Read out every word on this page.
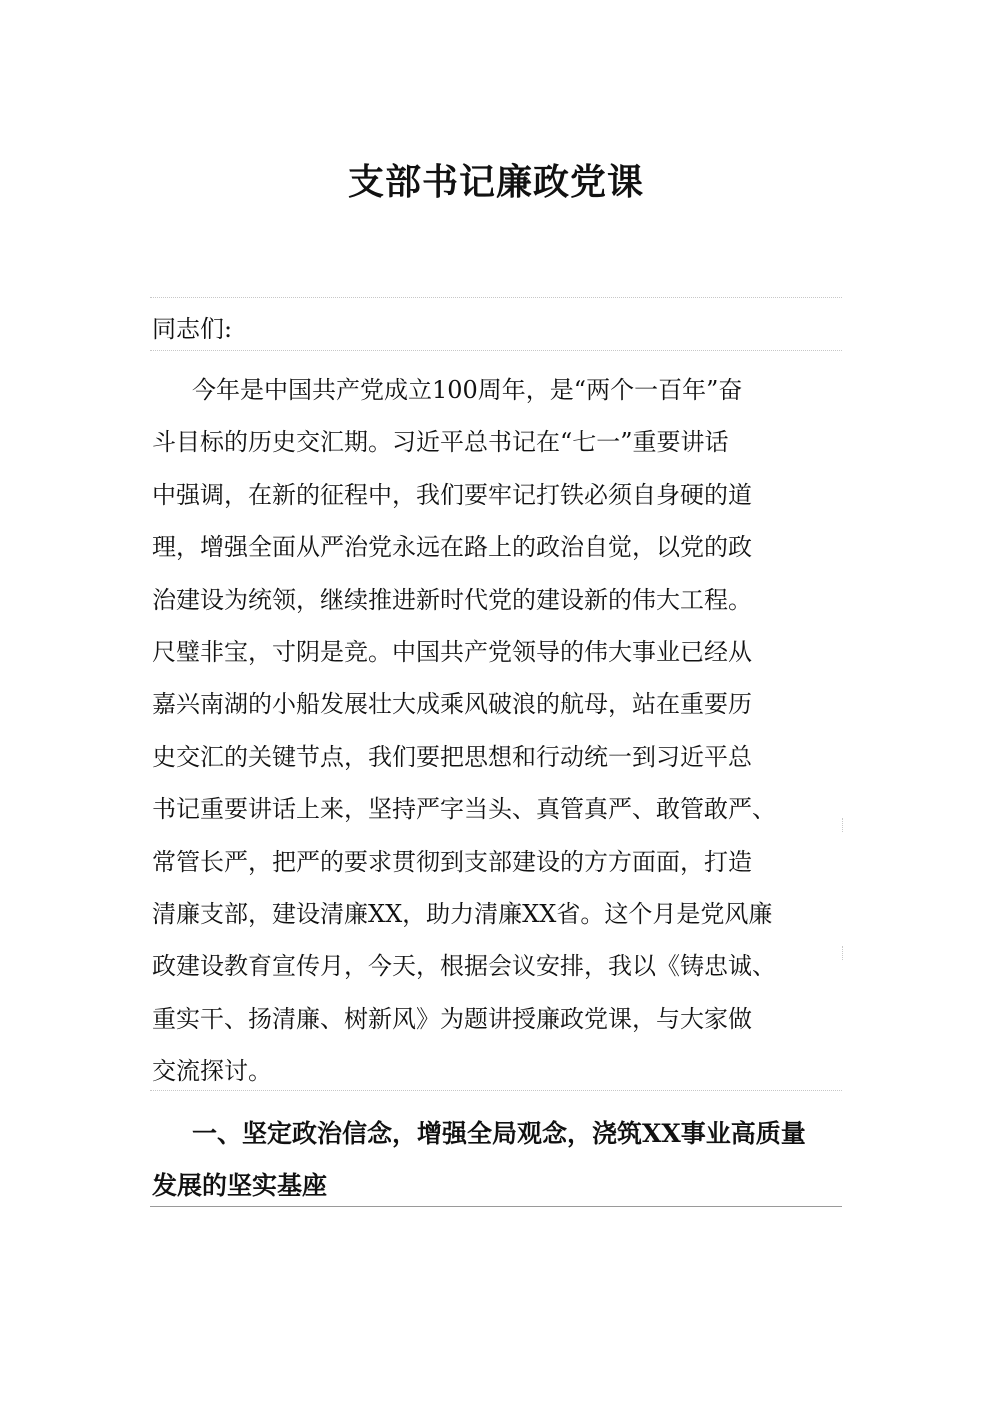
支部书记廉政党课

同志们:

今年是中国共产党成立100周年，是“两个一百年”奋
斗目标的历史交汇期。习近平总书记在“七一”重要讲话
中强调，在新的征程中，我们要牢记打铁必须自身硬的道
理，增强全面从严治党永远在路上的政治自觉，以党的政
治建设为统领，继续推进新时代党的建设新的伟大工程。
尺璧非宝，寸阴是竞。中国共产党领导的伟大事业已经从
嘉兴南湖的小船发展壮大成乘风破浪的航母，站在重要历
史交汇的关键节点，我们要把思想和行动统一到习近平总
书记重要讲话上来，坚持严字当头、真管真严、敢管敢严、
常管长严，把严的要求贯彻到支部建设的方方面面，打造
清廉支部，建设清廉XX，助力清廉XX省。这个月是党风廉
政建设教育宣传月，今天，根据会议安排，我以《铸忠诚、
重实干、扬清廉、树新风》为题讲授廉政党课，与大家做
交流探讨。
一、坚定政治信念，增强全局观念，浇筑XX事业高质量
发展的坚实基座
